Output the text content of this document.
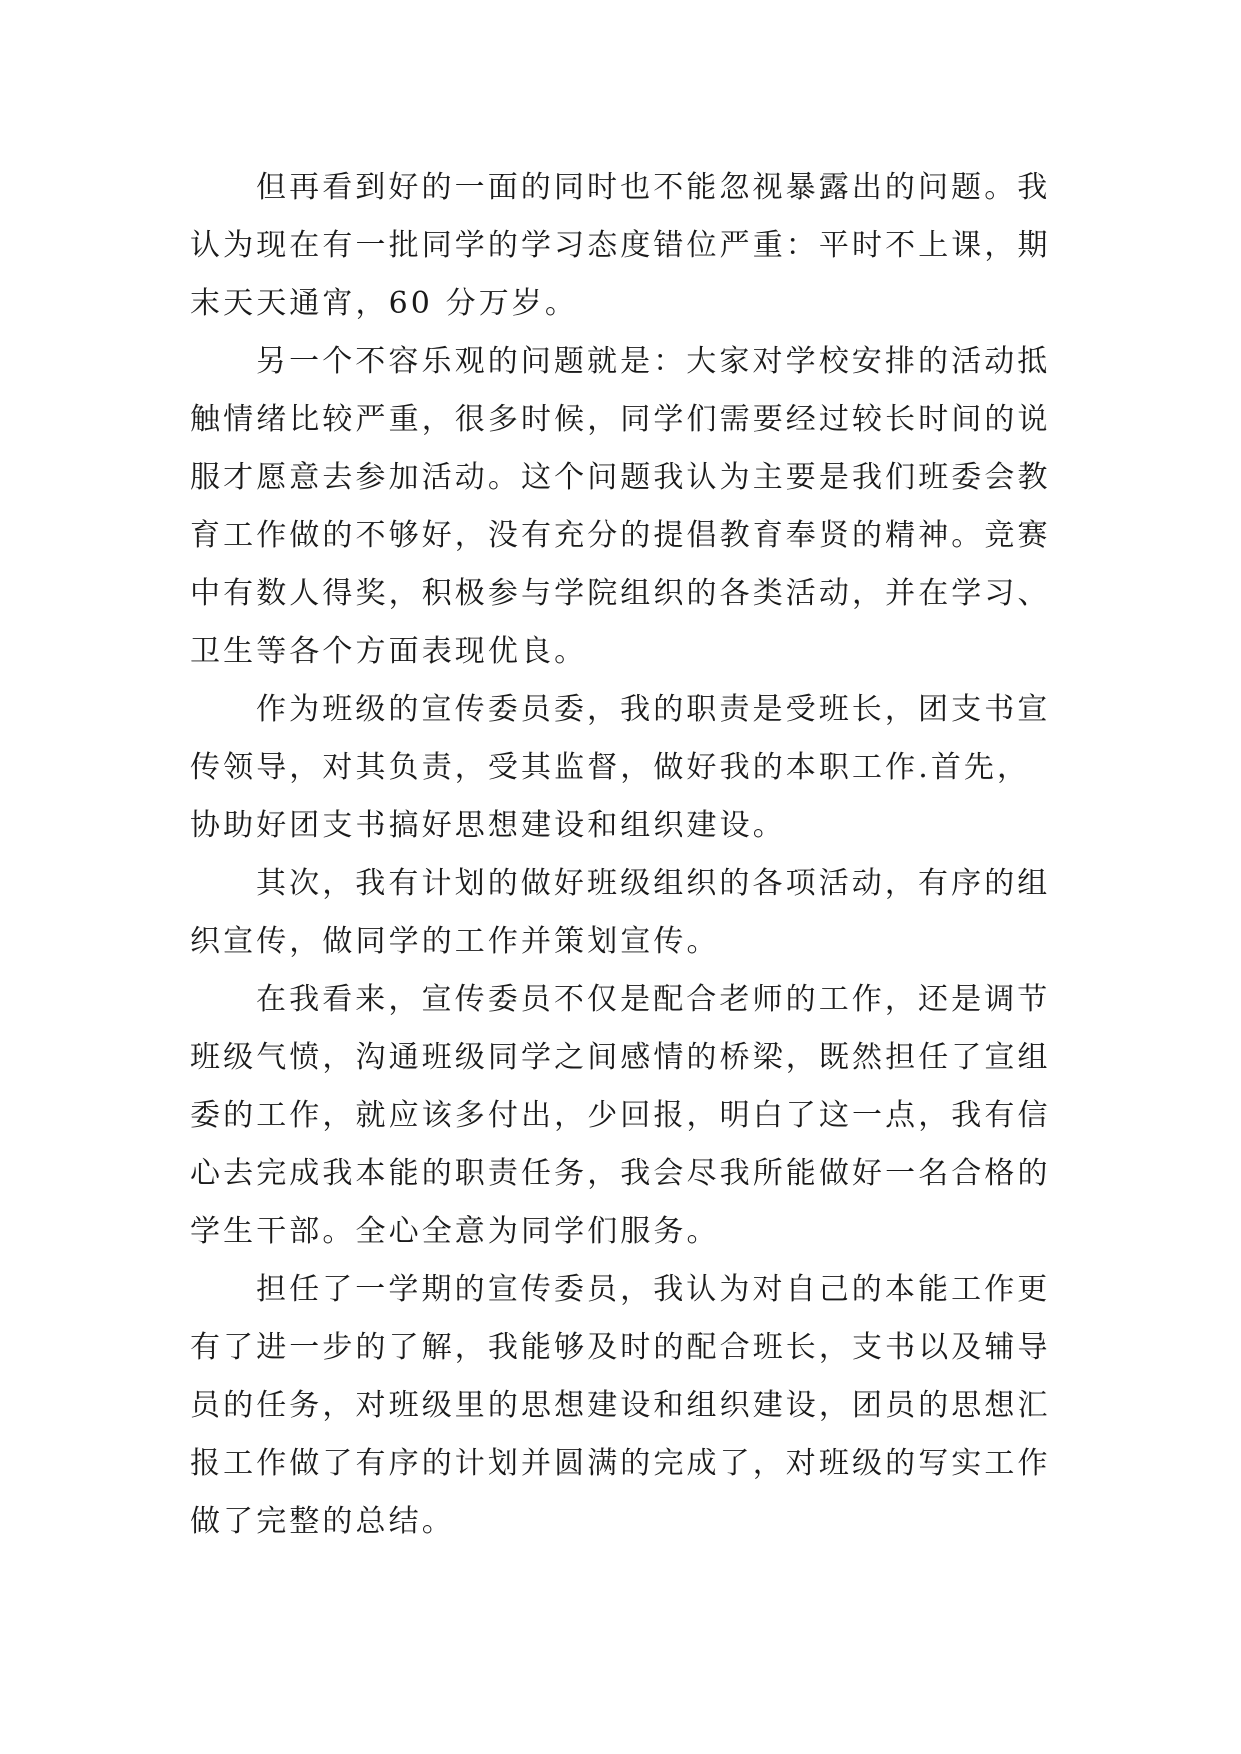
但再看到好的一面的同时也不能忽视暴露出的问题。我
认为现在有一批同学的学习态度错位严重：平时不上课，期
末天天通宵，60 分万岁。
另一个不容乐观的问题就是：大家对学校安排的活动抵
触情绪比较严重，很多时候，同学们需要经过较长时间的说
服才愿意去参加活动。这个问题我认为主要是我们班委会教
育工作做的不够好，没有充分的提倡教育奉贤的精神。竞赛
中有数人得奖，积极参与学院组织的各类活动，并在学习、
卫生等各个方面表现优良。
作为班级的宣传委员委，我的职责是受班长，团支书宣
传领导，对其负责，受其监督，做好我的本职工作.首先，
协助好团支书搞好思想建设和组织建设。
其次，我有计划的做好班级组织的各项活动，有序的组
织宣传，做同学的工作并策划宣传。
在我看来，宣传委员不仅是配合老师的工作，还是调节
班级气愤，沟通班级同学之间感情的桥梁，既然担任了宣组
委的工作，就应该多付出，少回报，明白了这一点，我有信
心去完成我本能的职责任务，我会尽我所能做好一名合格的
学生干部。全心全意为同学们服务。
担任了一学期的宣传委员，我认为对自己的本能工作更
有了进一步的了解，我能够及时的配合班长，支书以及辅导
员的任务，对班级里的思想建设和组织建设，团员的思想汇
报工作做了有序的计划并圆满的完成了，对班级的写实工作
做了完整的总结。
